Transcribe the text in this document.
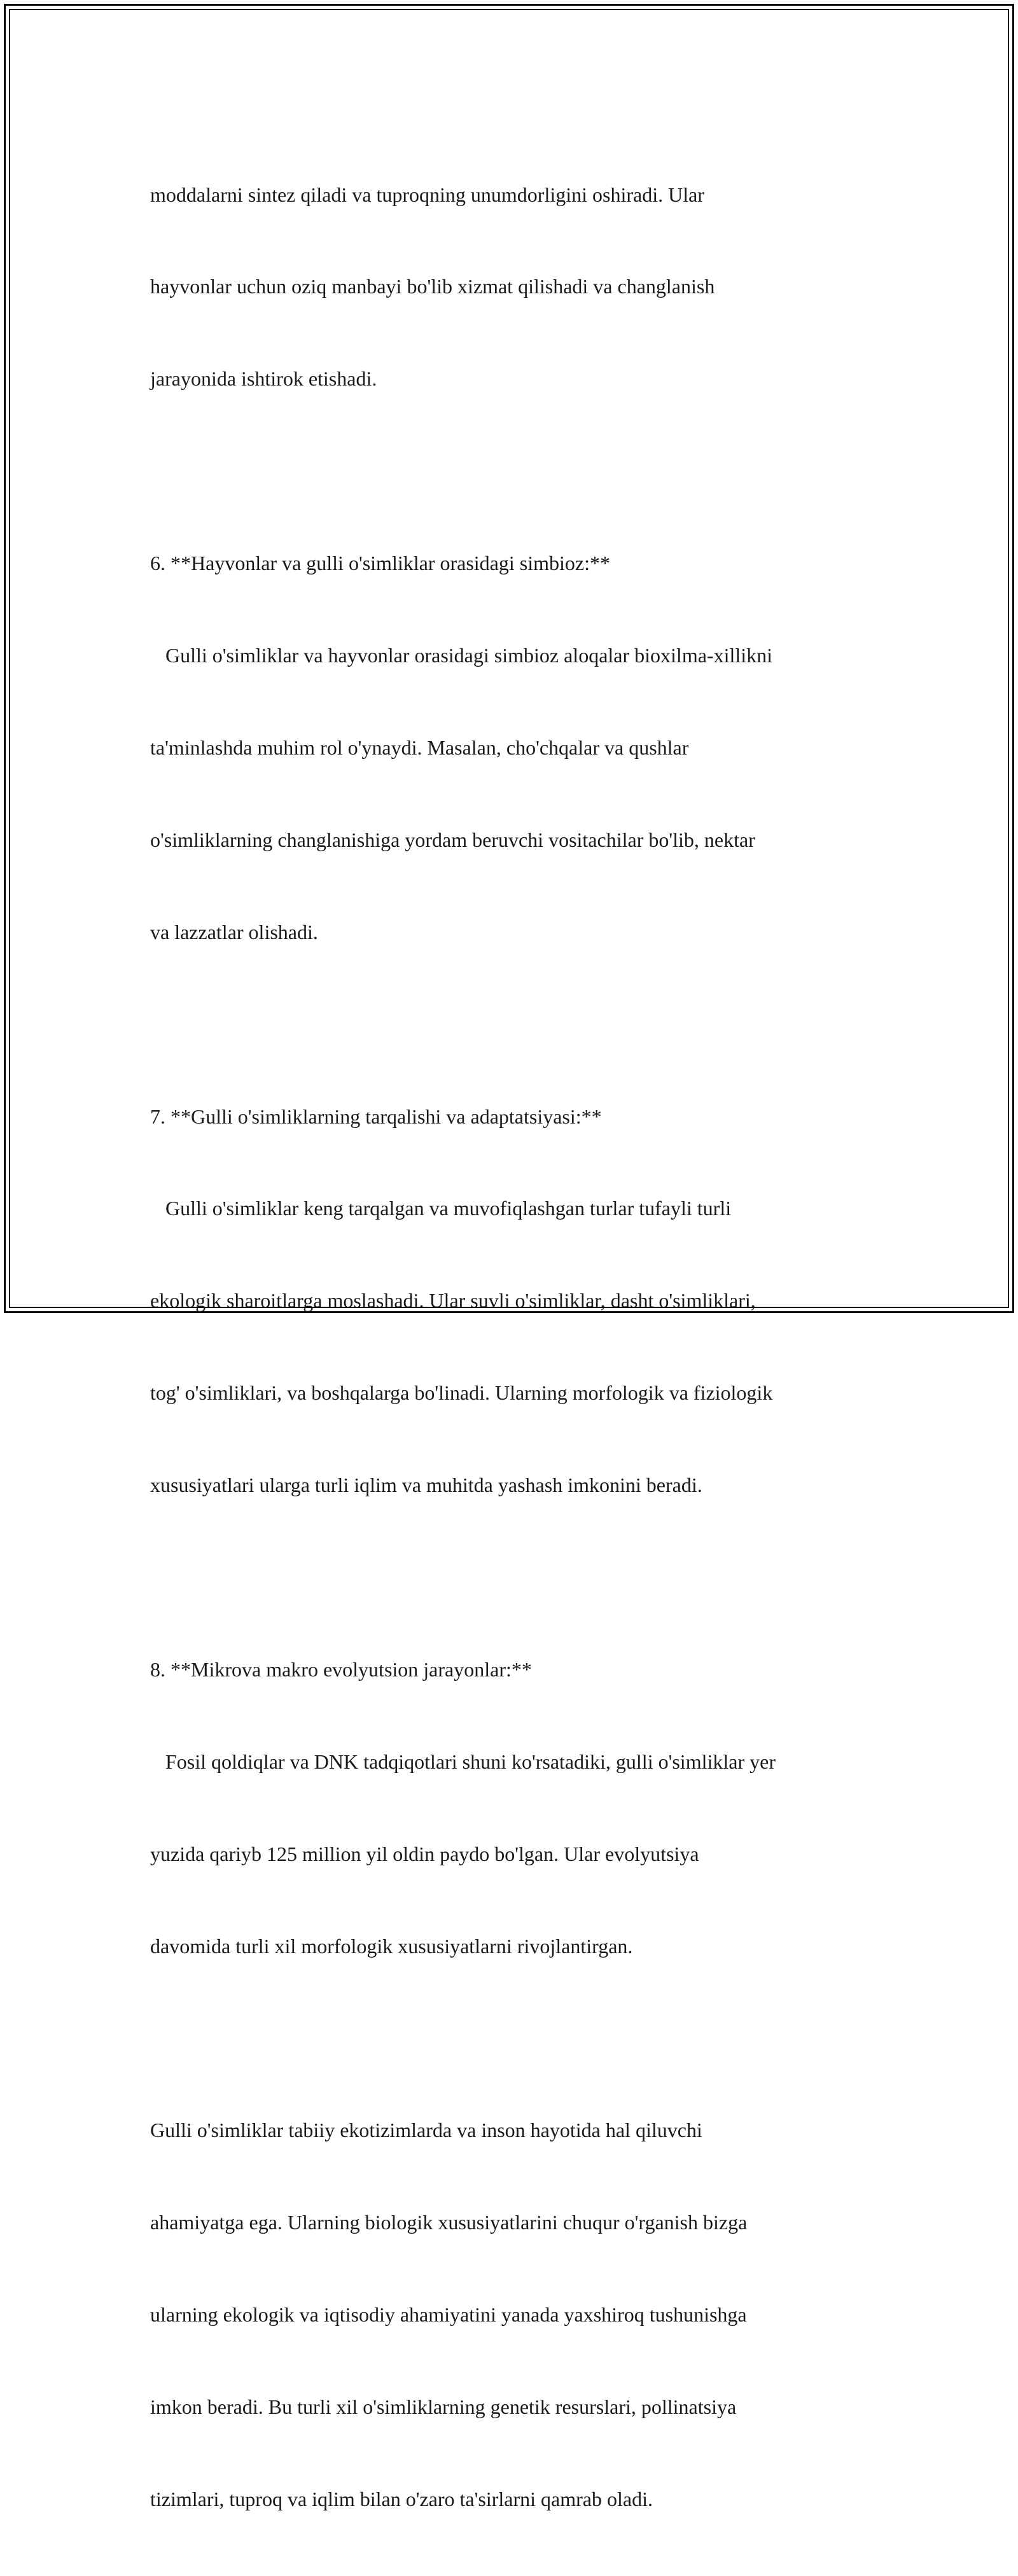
moddalarni sintez qiladi va tuproqning unumdorligini oshiradi. Ular

hayvonlar uchun oziq manbayi bo'lib xizmat qilishadi va changlanish

jarayonida ishtirok etishadi.

6. **Hayvonlar va gulli o'simliklar orasidagi simbioz:**

Gulli o'simliklar va hayvonlar orasidagi simbioz aloqalar bioxilma-xillikni

ta'minlashda muhim rol o'ynaydi. Masalan, cho'chqalar va qushlar

o'simliklarning changlanishiga yordam beruvchi vositachilar bo'lib, nektar

va lazzatlar olishadi.

7. **Gulli o'simliklarning tarqalishi va adaptatsiyasi:**

Gulli o'simliklar keng tarqalgan va muvofiqlashgan turlar tufayli turli

ekologik sharoitlarga moslashadi. Ular suvli o'simliklar, dasht o'simliklari,

tog' o'simliklari, va boshqalarga bo'linadi. Ularning morfologik va fiziologik

xususiyatlari ularga turli iqlim va muhitda yashash imkonini beradi.

8. **Mikrova makro evolyutsion jarayonlar:**

Fosil qoldiqlar va DNK tadqiqotlari shuni ko'rsatadiki, gulli o'simliklar yer

yuzida qariyb 125 million yil oldin paydo bo'lgan. Ular evolyutsiya

davomida turli xil morfologik xususiyatlarni rivojlantirgan.

Gulli o'simliklar tabiiy ekotizimlarda va inson hayotida hal qiluvchi

ahamiyatga ega. Ularning biologik xususiyatlarini chuqur o'rganish bizga

ularning ekologik va iqtisodiy ahamiyatini yanada yaxshiroq tushunishga

imkon beradi. Bu turli xil o'simliklarning genetik resurslari, pollinatsiya

tizimlari, tuproq va iqlim bilan o'zaro ta'sirlarni qamrab oladi.
